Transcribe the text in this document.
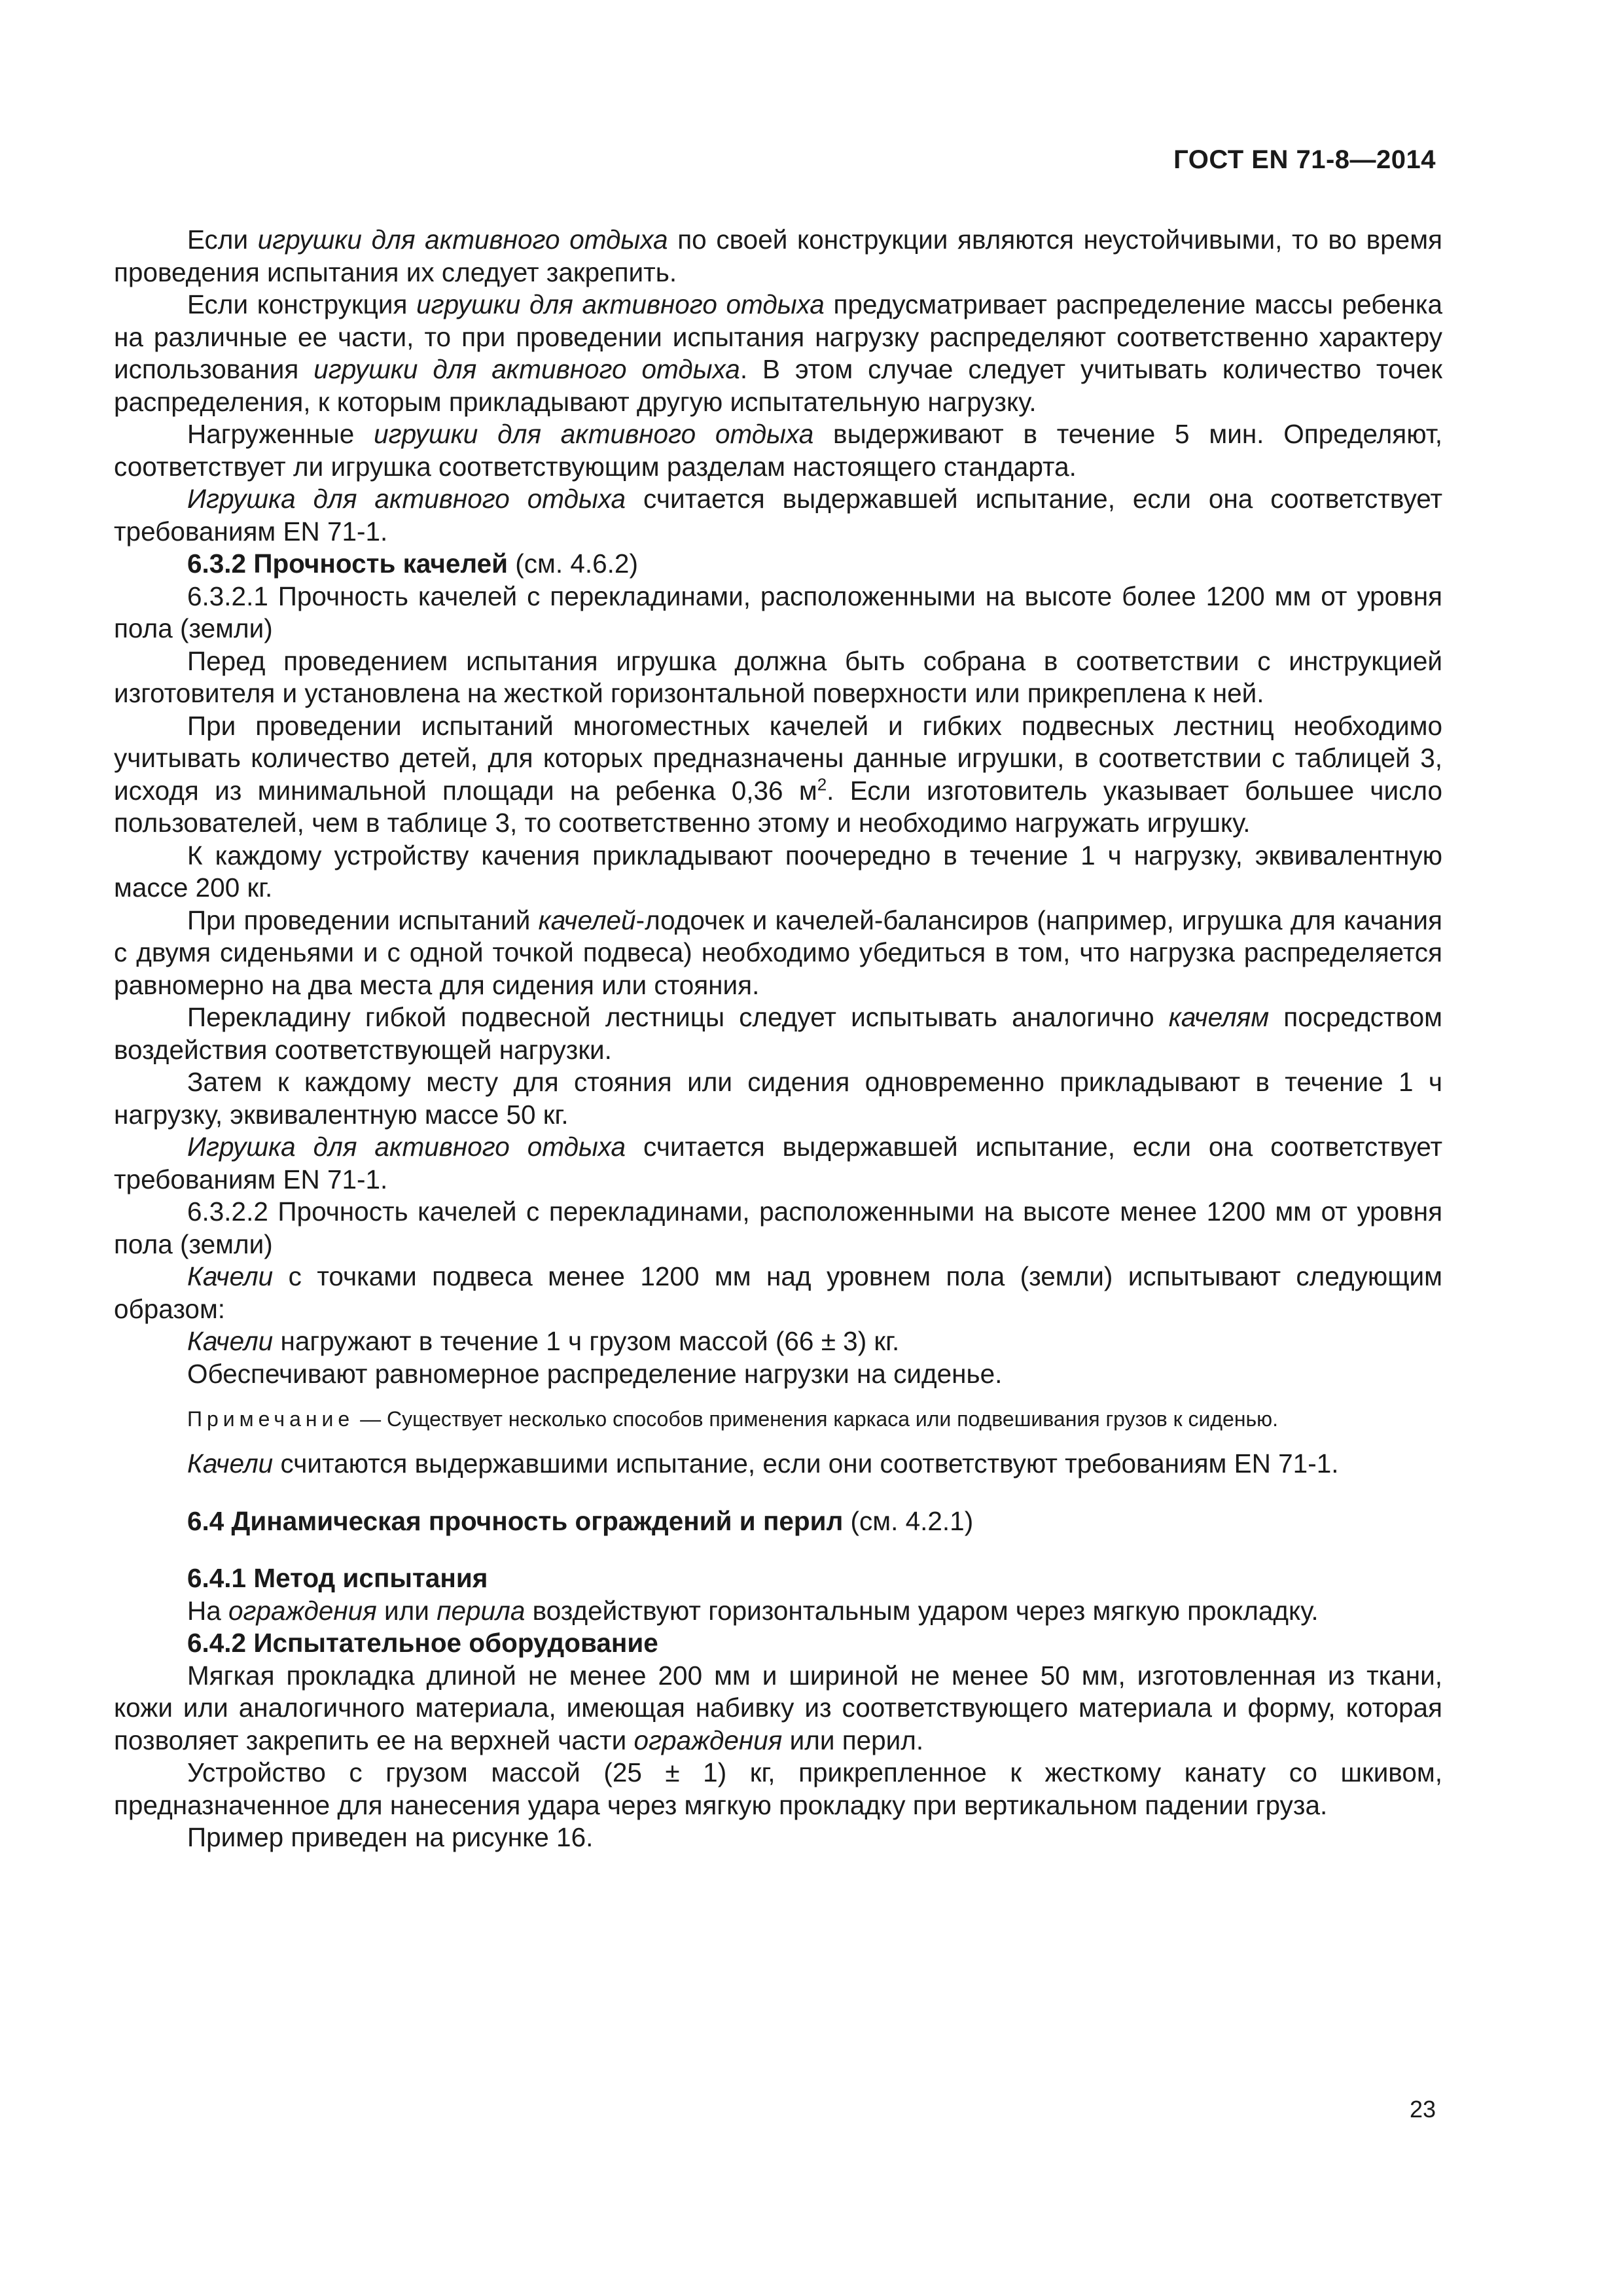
ГОСТ EN 71-8—2014

Если игрушки для активного отдыха по своей конструкции являются неустойчивыми, то во время проведения испытания их следует закрепить.

Если конструкция игрушки для активного отдыха предусматривает распределение массы ребенка на различные ее части, то при проведении испытания нагрузку распределяют соответственно характеру использования игрушки для активного отдыха. В этом случае следует учитывать количество точек распределения, к которым прикладывают другую испытательную нагрузку.

Нагруженные игрушки для активного отдыха выдерживают в течение 5 мин. Определяют, соответствует ли игрушка соответствующим разделам настоящего стандарта.

Игрушка для активного отдыха считается выдержавшей испытание, если она соответствует требованиям EN 71-1.

6.3.2 Прочность качелей (см. 4.6.2)

6.3.2.1 Прочность качелей с перекладинами, расположенными на высоте более 1200 мм от уровня пола (земли)

Перед проведением испытания игрушка должна быть собрана в соответствии с инструкцией изготовителя и установлена на жесткой горизонтальной поверхности или прикреплена к ней.

При проведении испытаний многоместных качелей и гибких подвесных лестниц необходимо учитывать количество детей, для которых предназначены данные игрушки, в соответствии с таблицей 3, исходя из минимальной площади на ребенка 0,36 $м^2$. Если изготовитель указывает большее число пользователей, чем в таблице 3, то соответственно этому и необходимо нагружать игрушку.

К каждому устройству качения прикладывают поочередно в течение 1 ч нагрузку, эквивалентную массе 200 кг.

При проведении испытаний качелей-лодочек и качелей-балансиров (например, игрушка для качания с двумя сиденьями и с одной точкой подвеса) необходимо убедиться в том, что нагрузка распределяется равномерно на два места для сидения или стояния.

Перекладину гибкой подвесной лестницы следует испытывать аналогично качелям посредством воздействия соответствующей нагрузки.

Затем к каждому месту для стояния или сидения одновременно прикладывают в течение 1 ч нагрузку, эквивалентную массе 50 кг.

Игрушка для активного отдыха считается выдержавшей испытание, если она соответствует требованиям EN 71-1.

6.3.2.2 Прочность качелей с перекладинами, расположенными на высоте менее 1200 мм от уровня пола (земли)

Качели с точками подвеса менее 1200 мм над уровнем пола (земли) испытывают следующим образом:

Качели нагружают в течение 1 ч грузом массой (66 ± 3) кг.

Обеспечивают равномерное распределение нагрузки на сиденье.

Примечание — Существует несколько способов применения каркаса или подвешивания грузов к сиденью.

Качели считаются выдержавшими испытание, если они соответствуют требованиям EN 71-1.

6.4 Динамическая прочность ограждений и перил (см. 4.2.1)

6.4.1 Метод испытания

На ограждения или перила воздействуют горизонтальным ударом через мягкую прокладку.

6.4.2 Испытательное оборудование

Мягкая прокладка длиной не менее 200 мм и шириной не менее 50 мм, изготовленная из ткани, кожи или аналогичного материала, имеющая набивку из соответствующего материала и форму, которая позволяет закрепить ее на верхней части ограждения или перил.

Устройство с грузом массой (25 ± 1) кг, прикрепленное к жесткому канату со шкивом, предназначенное для нанесения удара через мягкую прокладку при вертикальном падении груза.

Пример приведен на рисунке 16.

23
